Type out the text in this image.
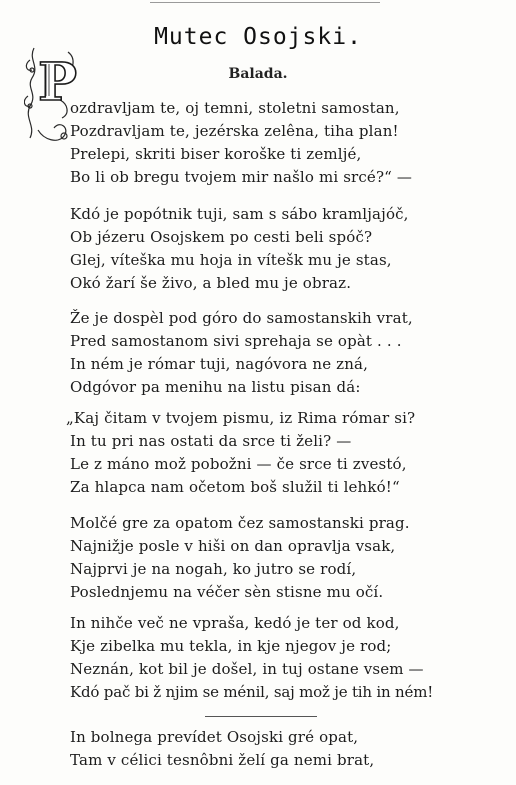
Mutec Osojski.
Balada.
P
ozdravljam te, oj temni, stoletni samostan,
Pozdravljam te, jezérska zelêna, tiha plan!
Prelepi, skriti biser koroške ti zemljé,
Bo li ob bregu tvojem mir našlo mi srcé?“ —
Kdó je popótnik tuji, sam s sábo kramljajóč,
Ob jézeru Osojskem po cesti beli spóč?
Glej, víteška mu hoja in vítešk mu je stas,
Okó žarí še živo, a bled mu je obraz.
Že je dospèl pod góro do samostanskih vrat,
Pred samostanom sivi sprehaja se opàt . . .
In ném je rómar tuji, nagóvora ne zná,
Odgóvor pa menihu na listu pisan dá:
„Kaj čitam v tvojem pismu, iz Rima rómar si?
In tu pri nas ostati da srce ti želi? —
Le z máno mož pobožni — če srce ti zvestó,
Za hlapca nam očetom boš služil ti lehkó!“
Molčé gre za opatom čez samostanski prag.
Najnižje posle v hiši on dan opravlja vsak,
Najprvi je na nogah, ko jutro se rodí,
Poslednjemu na véčer sèn stisne mu očí.
In nihče več ne vpraša, kedó je ter od kod,
Kje zibelka mu tekla, in kje njegov je rod;
Neznán, kot bil je došel, in tuj ostane vsem —
Kdó pač bi ž njim se ménil, saj mož je tih in ném!
In bolnega prevídet Osojski gré opat,
Tam v célici tesnôbni želí ga nemi brat,
